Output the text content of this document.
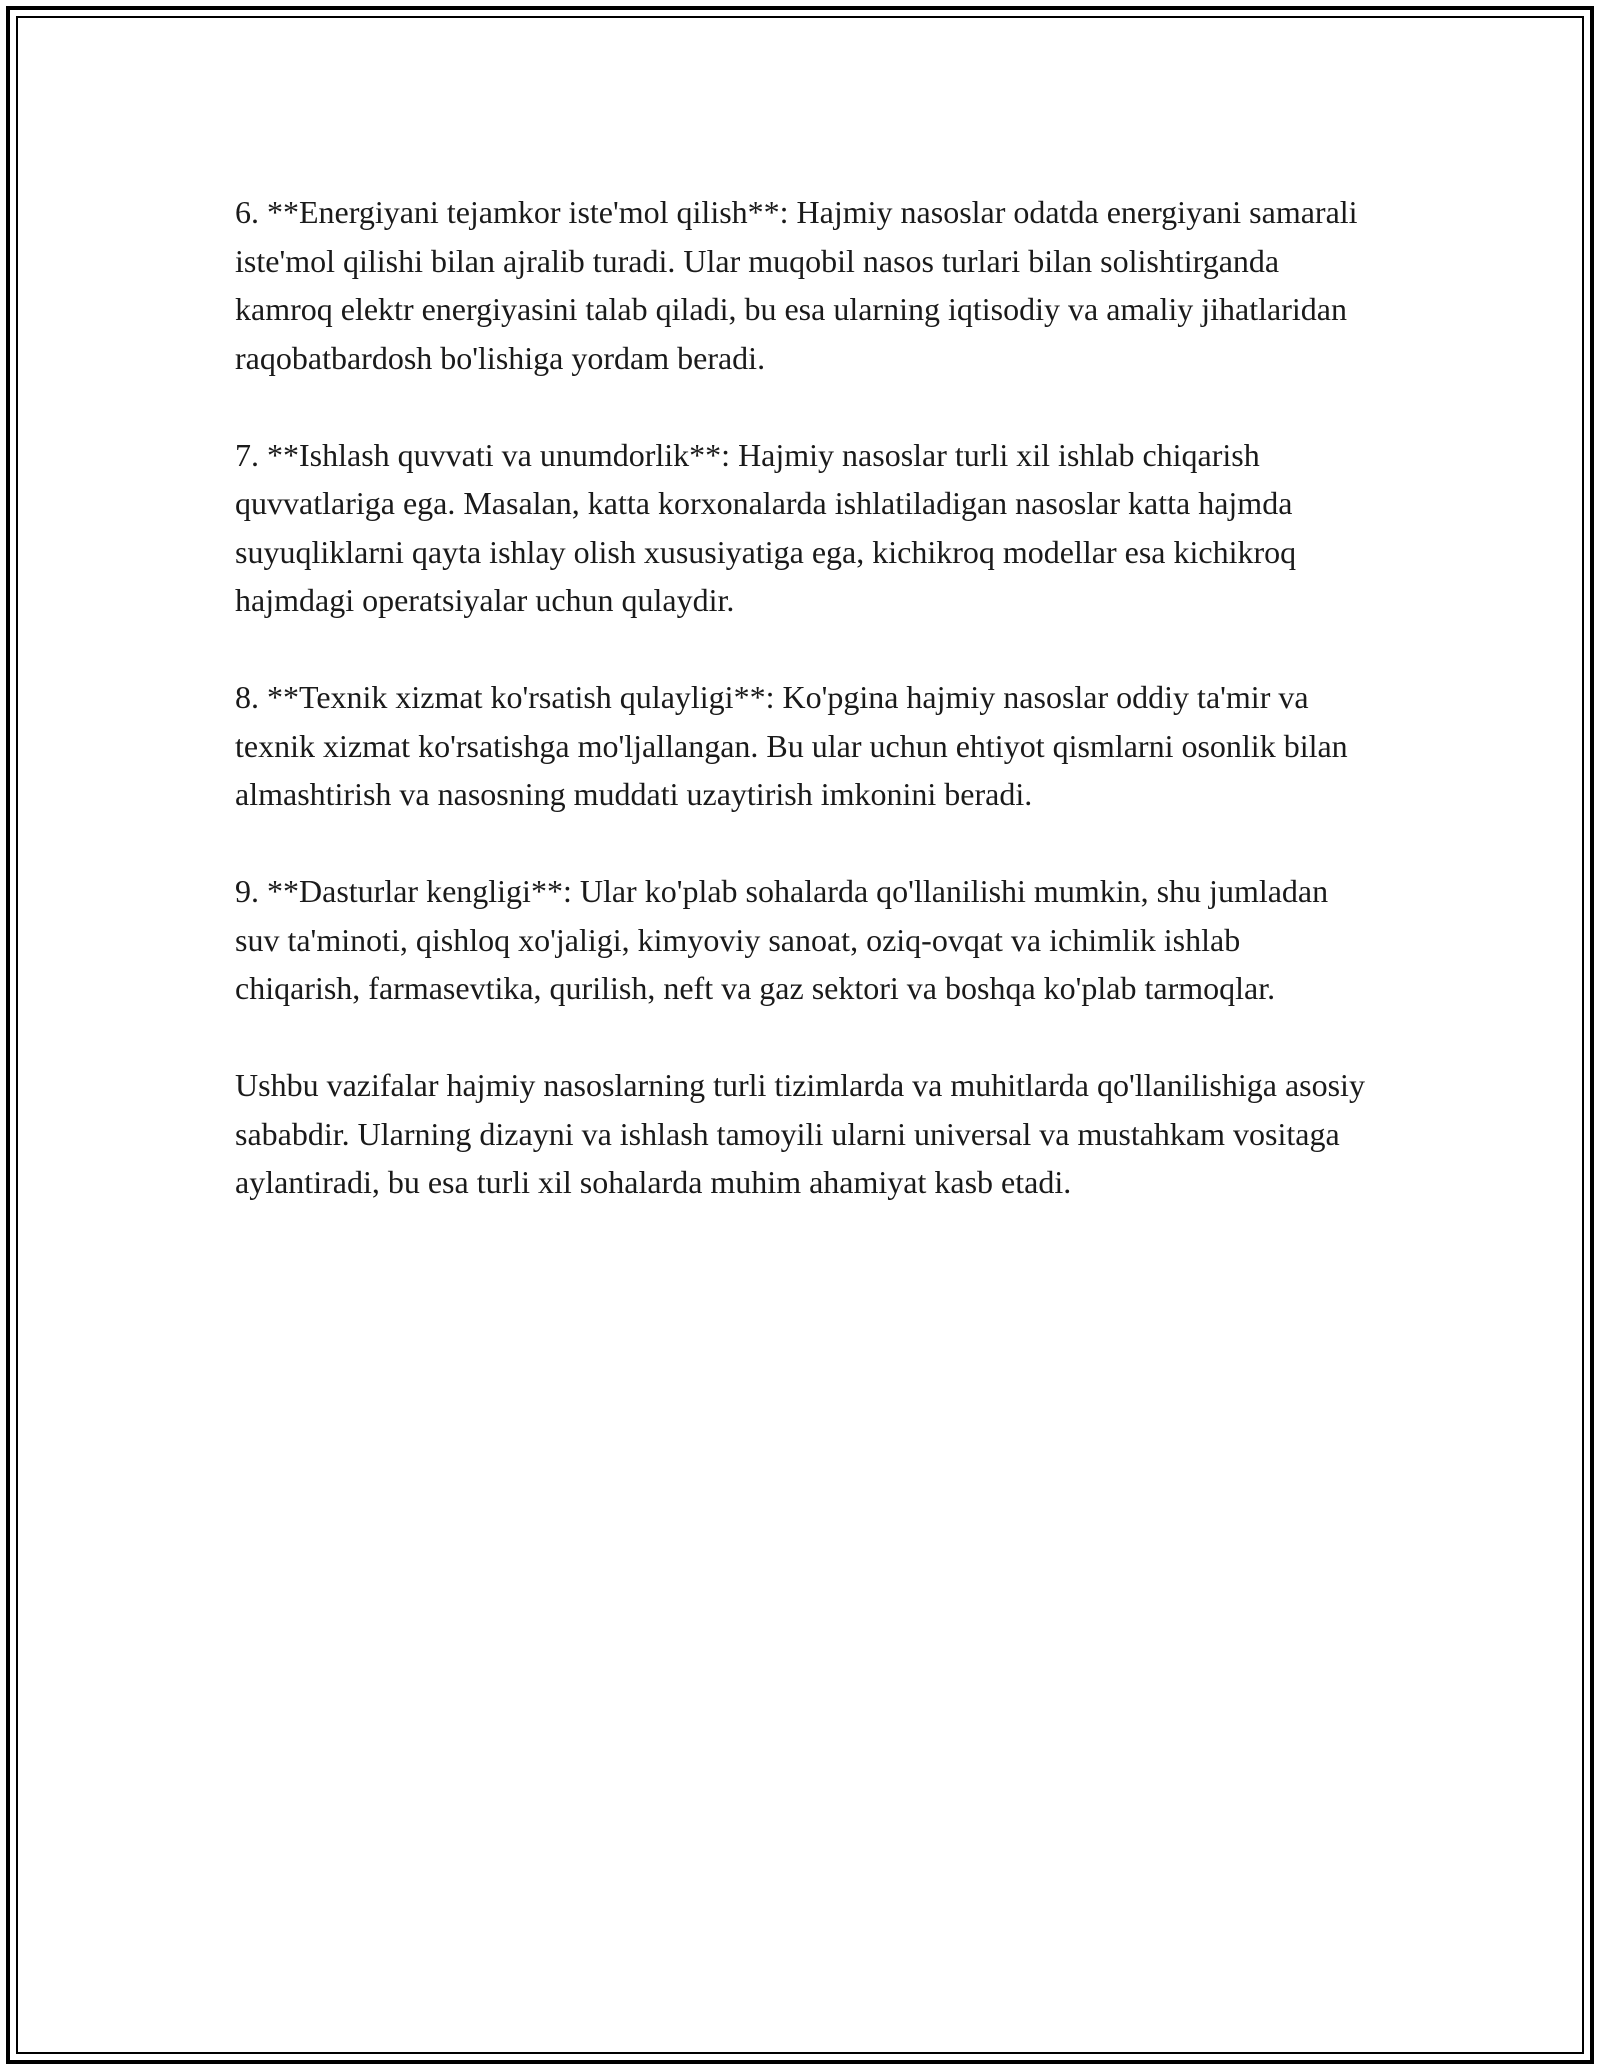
6. **Energiyani tejamkor iste'mol qilish**: Hajmiy nasoslar odatda energiyani samarali iste'mol qilishi bilan ajralib turadi. Ular muqobil nasos turlari bilan solishtirganda kamroq elektr energiyasini talab qiladi, bu esa ularning iqtisodiy va amaliy jihatlaridan raqobatbardosh bo'lishiga yordam beradi.

7. **Ishlash quvvati va unumdorlik**: Hajmiy nasoslar turli xil ishlab chiqarish quvvatlariga ega. Masalan, katta korxonalarda ishlatiladigan nasoslar katta hajmda suyuqliklarni qayta ishlay olish xususiyatiga ega, kichikroq modellar esa kichikroq hajmdagi operatsiyalar uchun qulaydir.

8. **Texnik xizmat ko'rsatish qulayligi**: Ko'pgina hajmiy nasoslar oddiy ta'mir va texnik xizmat ko'rsatishga mo'ljallangan. Bu ular uchun ehtiyot qismlarni osonlik bilan almashtirish va nasosning muddati uzaytirish imkonini beradi.

9. **Dasturlar kengligi**: Ular ko'plab sohalarda qo'llanilishi mumkin, shu jumladan suv ta'minoti, qishloq xo'jaligi, kimyoviy sanoat, oziq-ovqat va ichimlik ishlab chiqarish, farmasevtika, qurilish, neft va gaz sektori va boshqa ko'plab tarmoqlar.

Ushbu vazifalar hajmiy nasoslarning turli tizimlarda va muhitlarda qo'llanilishiga asosiy sababdir. Ularning dizayni va ishlash tamoyili ularni universal va mustahkam vositaga aylantiradi, bu esa turli xil sohalarda muhim ahamiyat kasb etadi.
